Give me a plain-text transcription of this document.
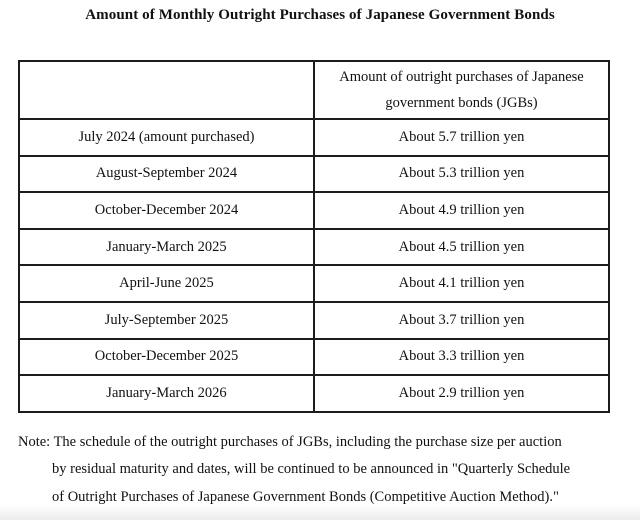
Amount of Monthly Outright Purchases of Japanese Government Bonds
	Amount of outright purchases of Japanese government bonds (JGBs)
July 2024 (amount purchased)	About 5.7 trillion yen
August-September 2024	About 5.3 trillion yen
October-December 2024	About 4.9 trillion yen
January-March 2025	About 4.5 trillion yen
April-June 2025	About 4.1 trillion yen
July-September 2025	About 3.7 trillion yen
October-December 2025	About 3.3 trillion yen
January-March 2026	About 2.9 trillion yen
Note: The schedule of the outright purchases of JGBs, including the purchase size per auction
by residual maturity and dates, will be continued to be announced in "Quarterly Schedule
of Outright Purchases of Japanese Government Bonds (Competitive Auction Method)."
